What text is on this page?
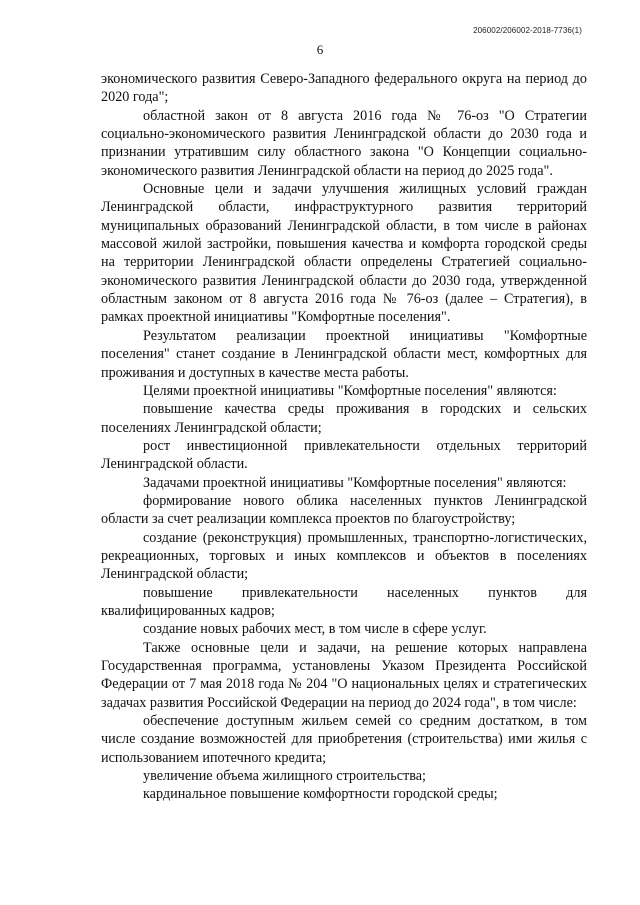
206002/206002-2018-7736(1)
6

экономического развития Северо-Западного федерального округа на период до 2020 года";

областной закон от 8 августа 2016 года № 76-оз "О Стратегии социально-экономического развития Ленинградской области до 2030 года и признании утратившим силу областного закона "О Концепции социально-экономического развития Ленинградской области на период до 2025 года".

Основные цели и задачи улучшения жилищных условий граждан Ленинградской области, инфраструктурного развития территорий муниципальных образований Ленинградской области, в том числе в районах массовой жилой застройки, повышения качества и комфорта городской среды на территории Ленинградской области определены Стратегией социально-экономического развития Ленинградской области до 2030 года, утвержденной областным законом от 8 августа 2016 года № 76-оз (далее – Стратегия), в рамках проектной инициативы "Комфортные поселения".

Результатом реализации проектной инициативы "Комфортные поселения" станет создание в Ленинградской области мест, комфортных для проживания и доступных в качестве места работы.

Целями проектной инициативы "Комфортные поселения" являются:

повышение качества среды проживания в городских и сельских поселениях Ленинградской области;

рост инвестиционной привлекательности отдельных территорий Ленинградской области.

Задачами проектной инициативы "Комфортные поселения" являются:

формирование нового облика населенных пунктов Ленинградской области за счет реализации комплекса проектов по благоустройству;

создание (реконструкция) промышленных, транспортно-логистических, рекреационных, торговых и иных комплексов и объектов в поселениях Ленинградской области;

повышение привлекательности населенных пунктов для квалифицированных кадров;

создание новых рабочих мест, в том числе в сфере услуг.

Также основные цели и задачи, на решение которых направлена Государственная программа, установлены Указом Президента Российской Федерации от 7 мая 2018 года № 204 "О национальных целях и стратегических задачах развития Российской Федерации на период до 2024 года", в том числе:

обеспечение доступным жильем семей со средним достатком, в том числе создание возможностей для приобретения (строительства) ими жилья с использованием ипотечного кредита;

увеличение объема жилищного строительства;

кардинальное повышение комфортности городской среды;
